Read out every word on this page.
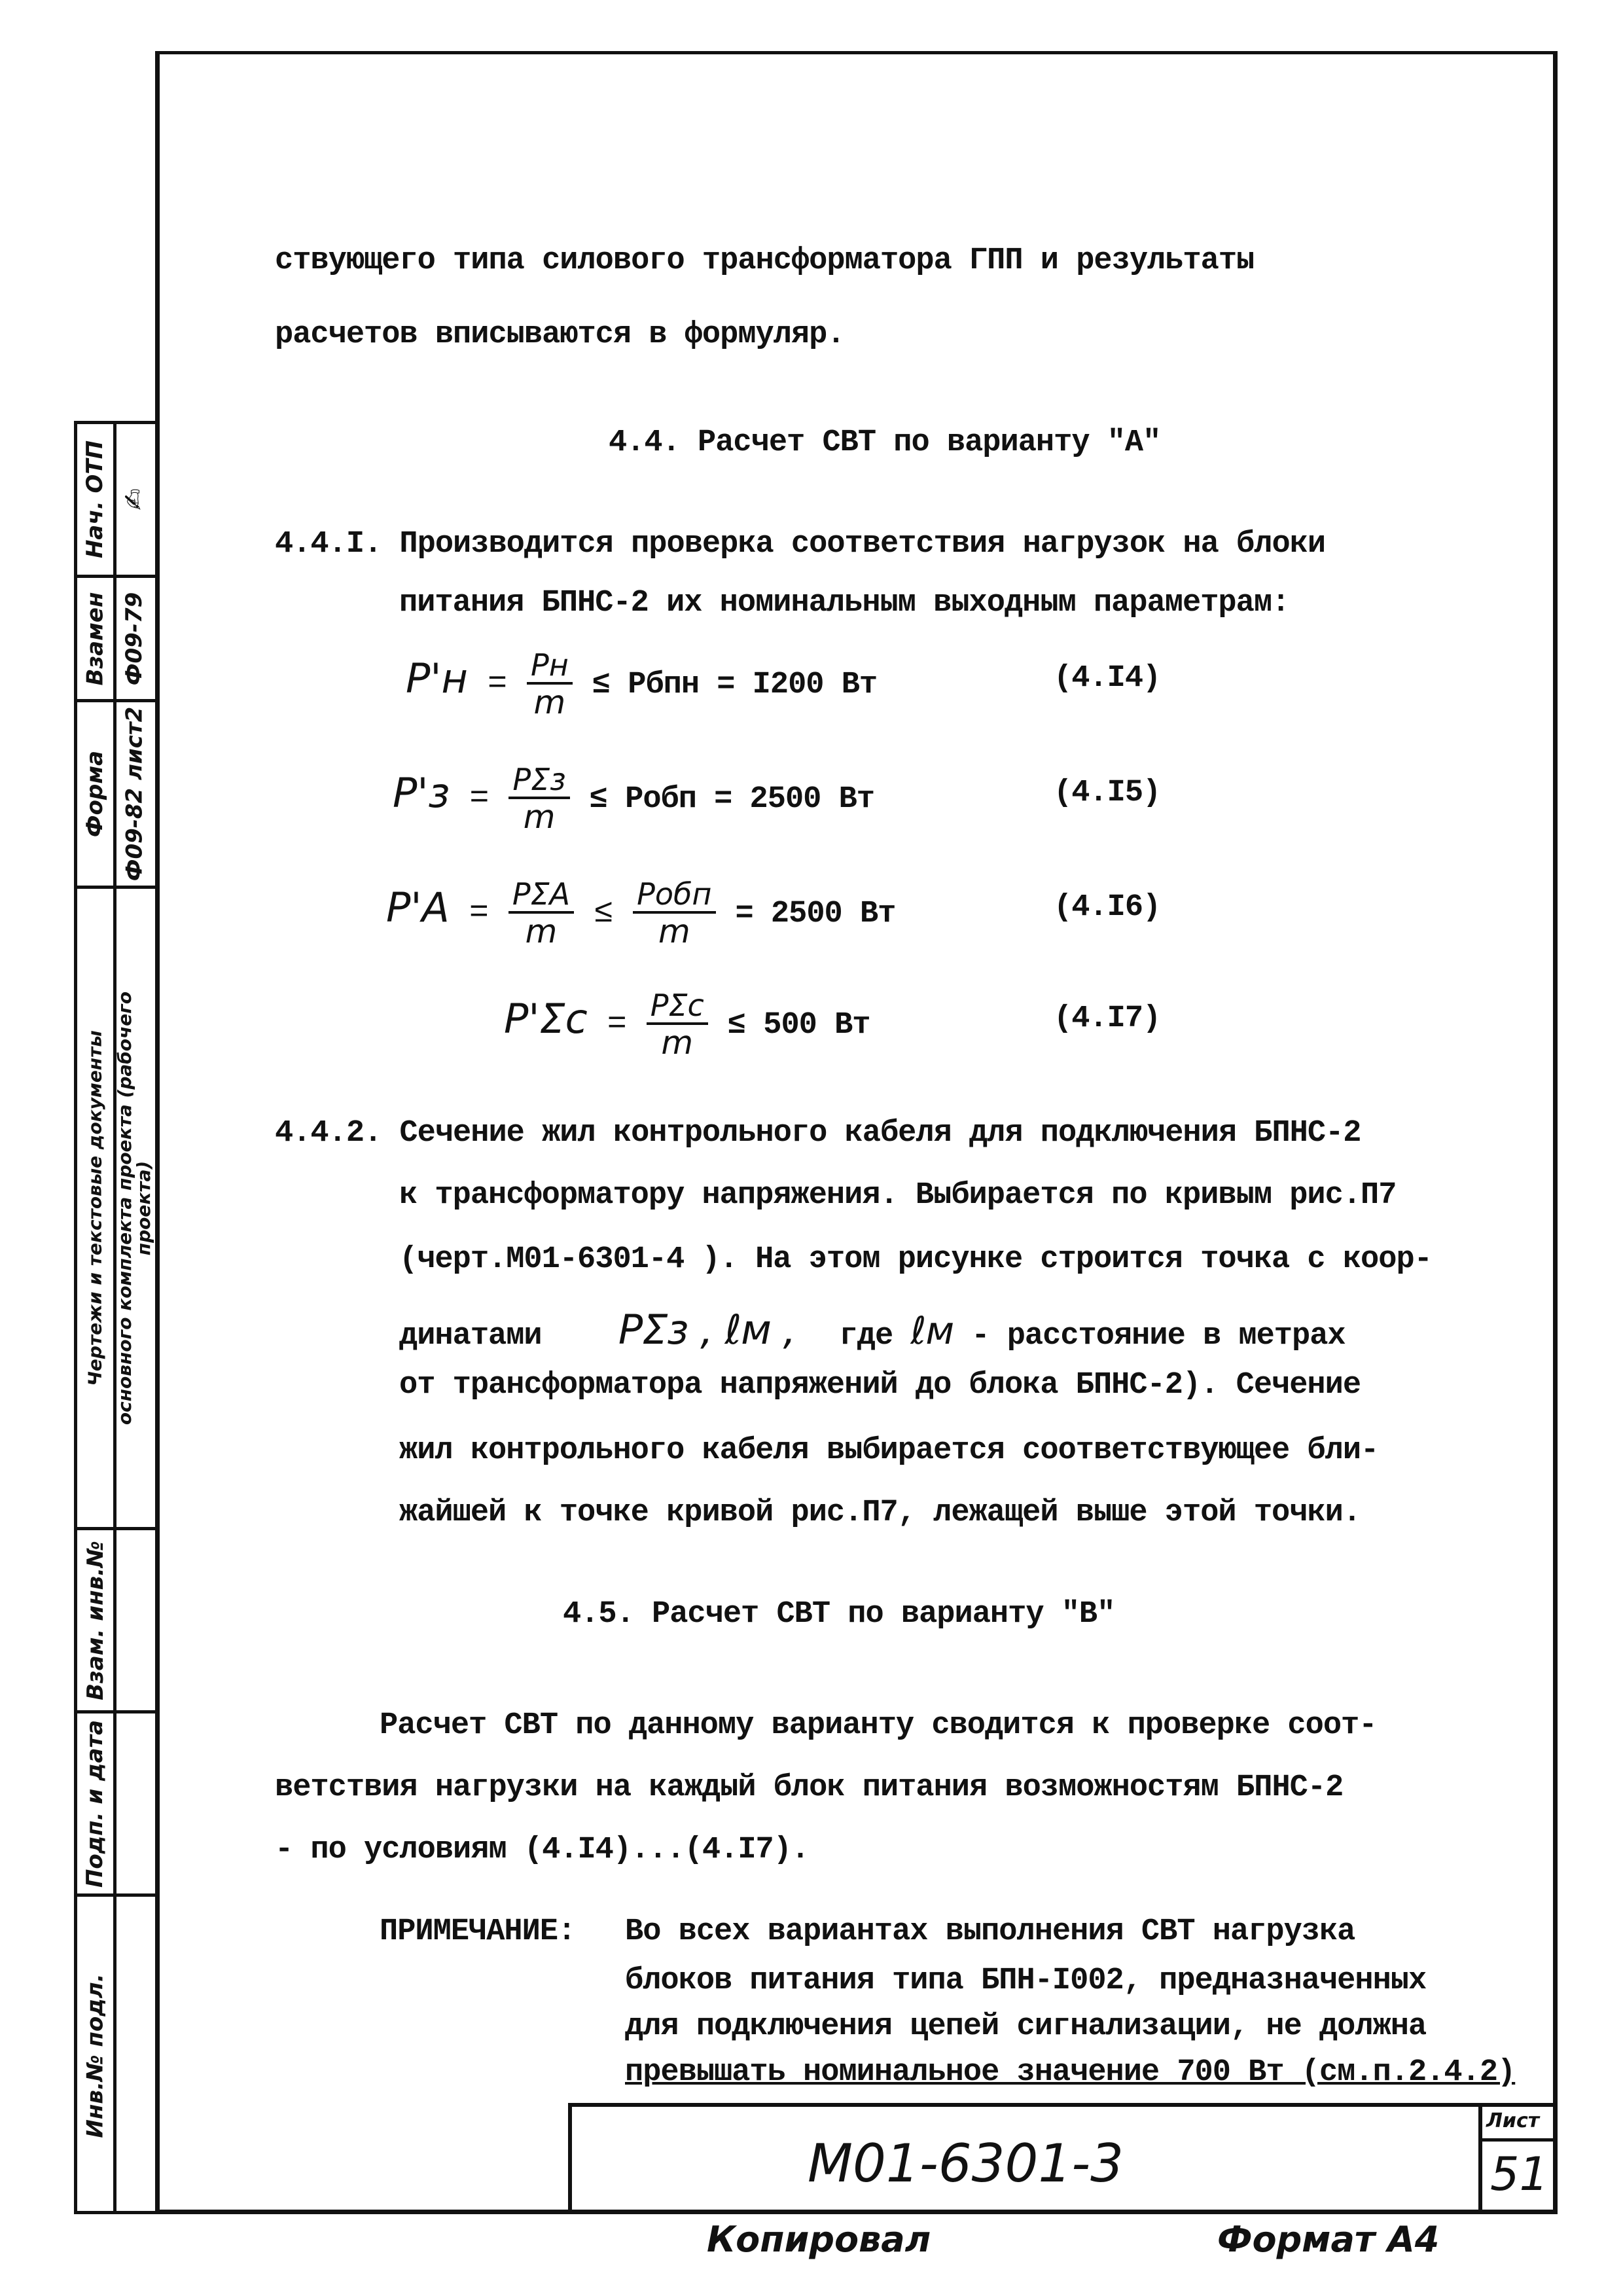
ствующего типа силового трансформатора ГПП и результаты
расчетов вписываются в формуляр.
4.4. Расчет СВТ по варианту "А"
4.4.I. Производится проверка соответствия нагрузок на блоки
питания БПНС-2 их номинальным выходным параметрам:
$P'н = \frac{Pн}{m}$ ≤ Pбпн = I200 Вт	(4.I4)
$P'з = \frac{\text{PΣз}}{m}$ ≤ Pобп = 2500 Вт	(4.I5)
$P'A = \frac{\text{PΣA}}{m} \le \frac{\text{Pобп}}{m} = 2500$ Вт	(4.I6)
$P'\Sigma с = \frac{\text{PΣс}}{m} \le 500$ Вт	(4.I7)
4.4.2. Сечение жил контрольного кабеля для подключения БПНС-2
к трансформатору напряжения. Выбирается по кривым рис.П7
(черт.М01-6301-4 ). На этом рисунке строится точка с коор-
динатами PΣз , ℓм , где ℓм - расстояние в метрах
от трансформатора напряжений до блока БПНС-2). Сечение
жил контрольного кабеля выбирается соответствующее бли-
жайшей к точке кривой рис.П7, лежащей выше этой точки.
4.5. Расчет СВТ по варианту "В"
Расчет СВТ по данному варианту сводится к проверке соот-
ветствия нагрузки на каждый блок питания возможностям БПНС-2
- по условиям (4.I4)...(4.I7).
ПРИМЕЧАНИЕ: Во всех вариантах выполнения СВТ нагрузка
блоков питания типа БПН-I002, предназначенных
для подключения цепей сигнализации, не должна
превышать номинальное значение 700 Вт (см.п.2.4.2)
Нач. ОТП ✍
Взамен Ф09-79
Форма Ф09-82 лист2
Чертежи и текстовые документы основного комплекта проекта (рабочего проекта)
Взам. инв.№
Подп. и дата
Инв.№ подл.
М01-6301-3
Лист
51
Копировал	Формат А4
